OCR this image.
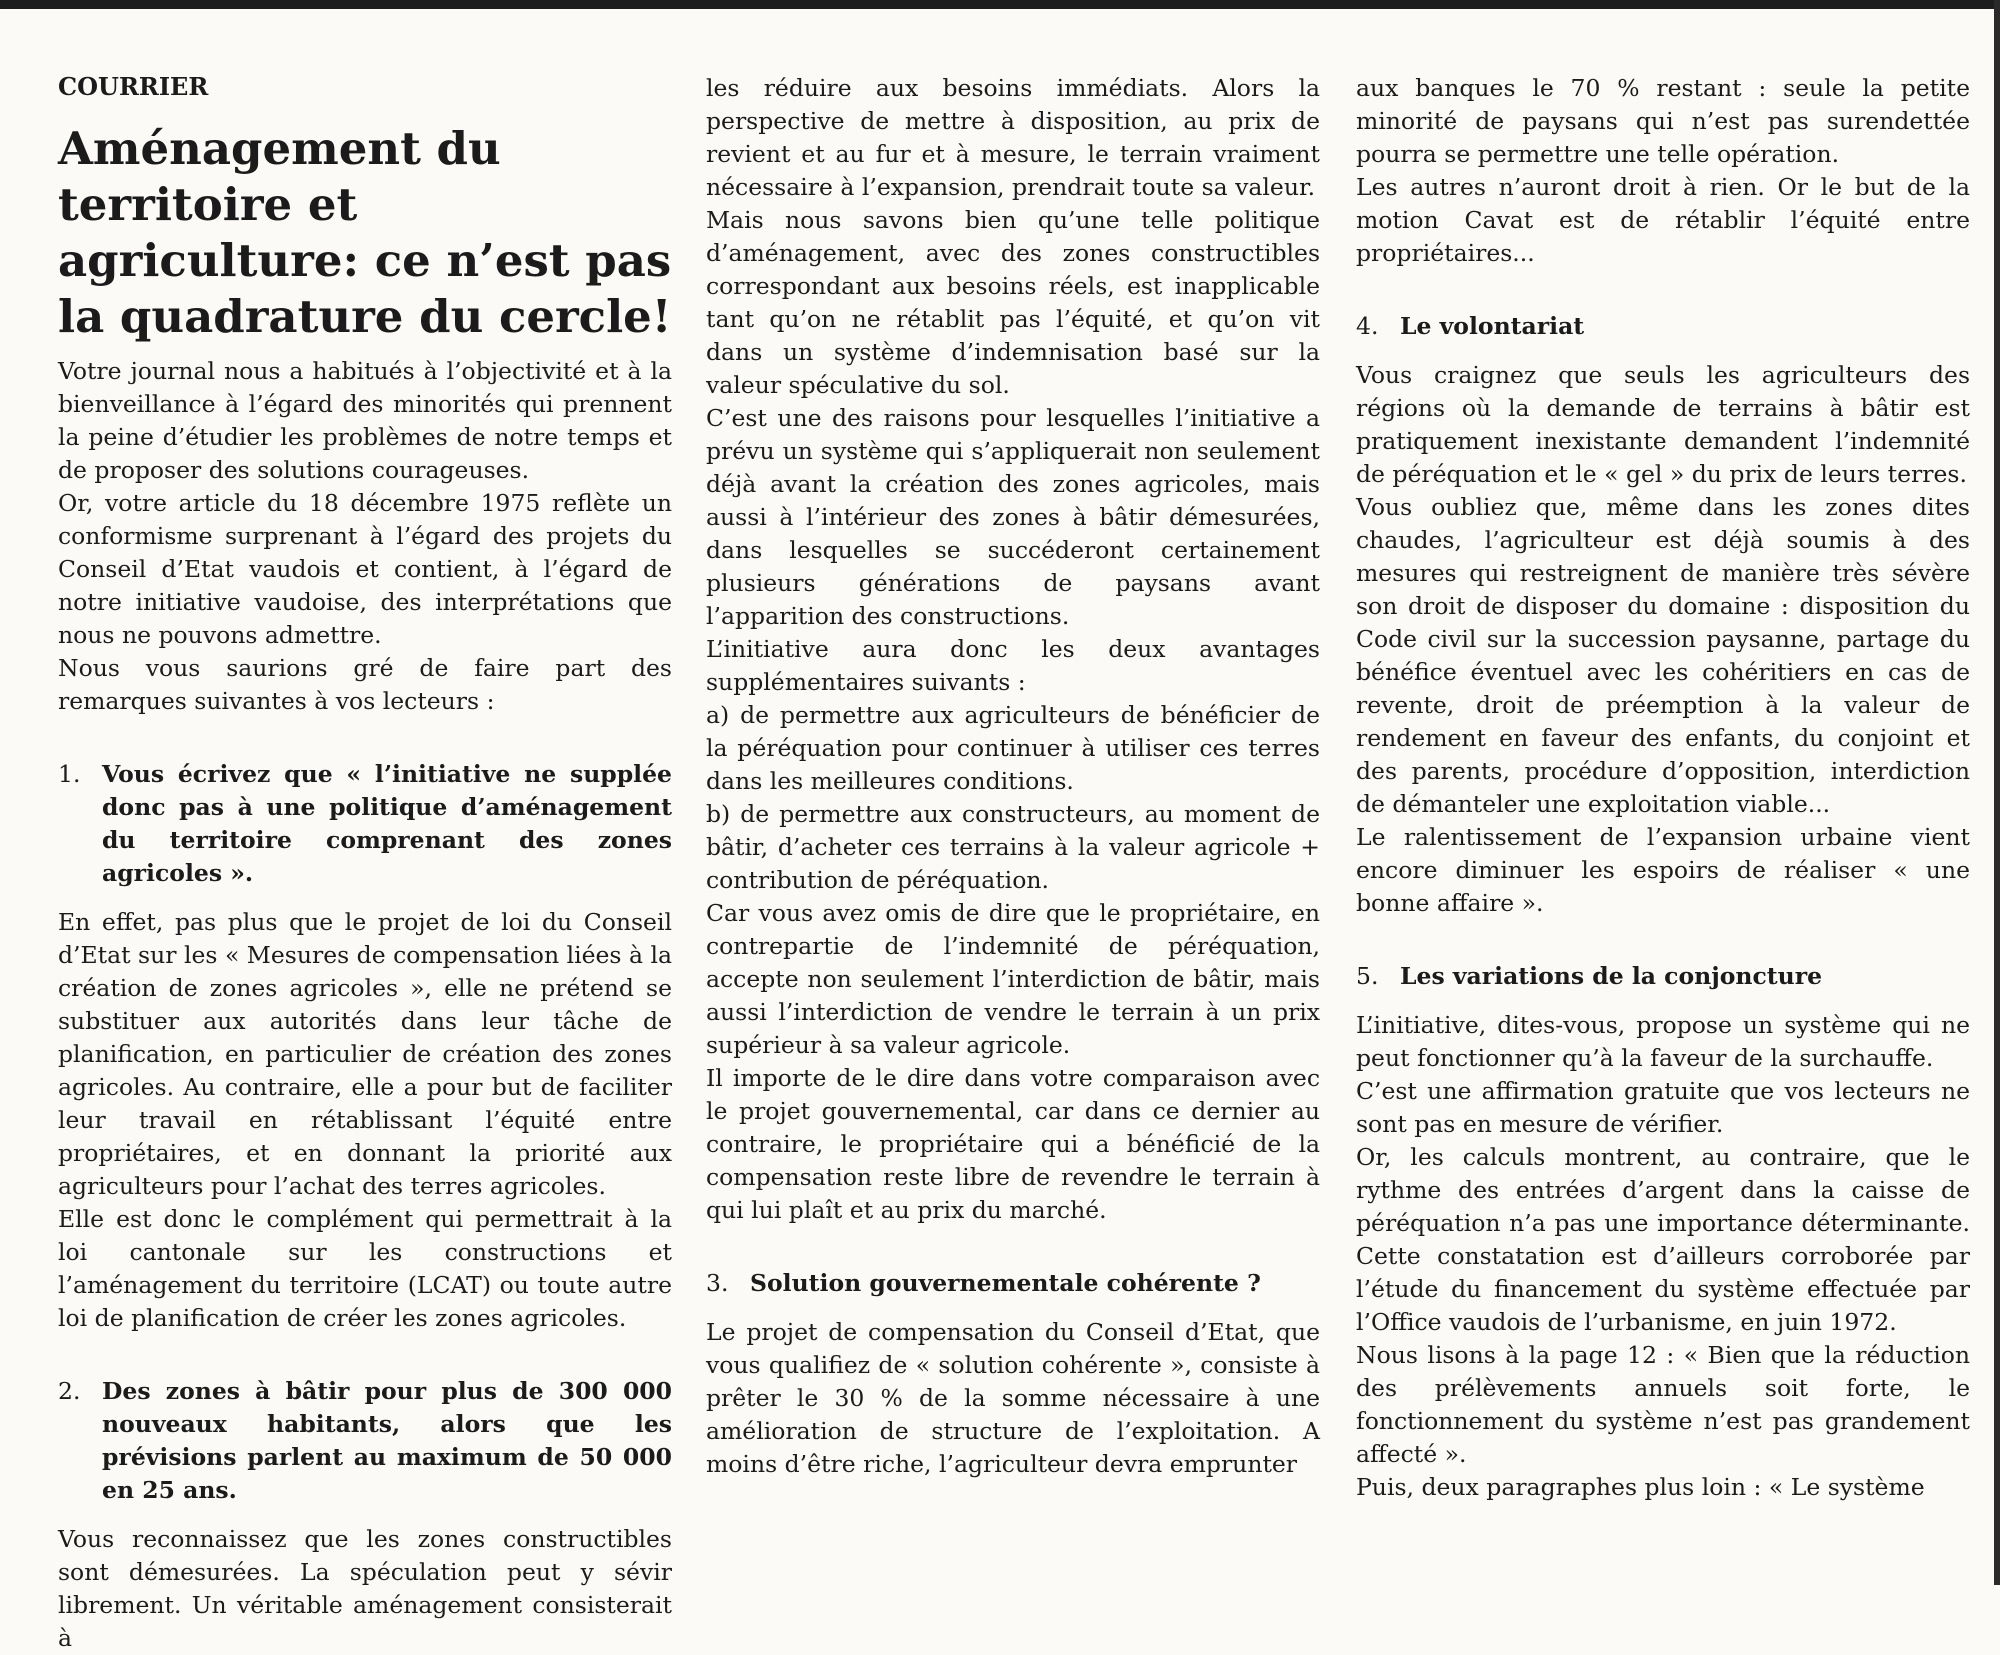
COURRIER
Aménagement du territoire et agriculture: ce n’est pas la quadrature du cercle!

Votre journal nous a habitués à l’objectivité et à la bienveillance à l’égard des minorités qui prennent la peine d’étudier les problèmes de notre temps et de proposer des solutions courageuses.

Or, votre article du 18 décembre 1975 reflète un conformisme surprenant à l’égard des projets du Conseil d’Etat vaudois et contient, à l’égard de notre initiative vaudoise, des interprétations que nous ne pouvons admettre.

Nous vous saurions gré de faire part des remarques suivantes à vos lecteurs :

1. Vous écrivez que « l’initiative ne supplée donc pas à une politique d’aménagement du territoire comprenant des zones agricoles ».

En effet, pas plus que le projet de loi du Conseil d’Etat sur les « Mesures de compensation liées à la création de zones agricoles », elle ne prétend se substituer aux autorités dans leur tâche de planification, en particulier de création des zones agricoles. Au contraire, elle a pour but de faciliter leur travail en rétablissant l’équité entre propriétaires, et en donnant la priorité aux agriculteurs pour l’achat des terres agricoles.

Elle est donc le complément qui permettrait à la loi cantonale sur les constructions et l’aménagement du territoire (LCAT) ou toute autre loi de planification de créer les zones agricoles.

2. Des zones à bâtir pour plus de 300 000 nouveaux habitants, alors que les prévisions parlent au maximum de 50 000 en 25 ans.

Vous reconnaissez que les zones constructibles sont démesurées. La spéculation peut y sévir librement. Un véritable aménagement consisterait à

les réduire aux besoins immédiats. Alors la perspective de mettre à disposition, au prix de revient et au fur et à mesure, le terrain vraiment nécessaire à l’expansion, prendrait toute sa valeur.

Mais nous savons bien qu’une telle politique d’aménagement, avec des zones constructibles correspondant aux besoins réels, est inapplicable tant qu’on ne rétablit pas l’équité, et qu’on vit dans un système d’indemnisation basé sur la valeur spéculative du sol.

C’est une des raisons pour lesquelles l’initiative a prévu un système qui s’appliquerait non seulement déjà avant la création des zones agricoles, mais aussi à l’intérieur des zones à bâtir démesurées, dans lesquelles se succéderont certainement plusieurs générations de paysans avant l’apparition des constructions.

L’initiative aura donc les deux avantages supplémentaires suivants :

a) de permettre aux agriculteurs de bénéficier de la péréquation pour continuer à utiliser ces terres dans les meilleures conditions.

b) de permettre aux constructeurs, au moment de bâtir, d’acheter ces terrains à la valeur agricole + contribution de péréquation.

Car vous avez omis de dire que le propriétaire, en contrepartie de l’indemnité de péréquation, accepte non seulement l’interdiction de bâtir, mais aussi l’interdiction de vendre le terrain à un prix supérieur à sa valeur agricole.

Il importe de le dire dans votre comparaison avec le projet gouvernemental, car dans ce dernier au contraire, le propriétaire qui a bénéficié de la compensation reste libre de revendre le terrain à qui lui plaît et au prix du marché.

3. Solution gouvernementale cohérente ?

Le projet de compensation du Conseil d’Etat, que vous qualifiez de « solution cohérente », consiste à prêter le 30 % de la somme nécessaire à une amélioration de structure de l’exploitation. A moins d’être riche, l’agriculteur devra emprunter

aux banques le 70 % restant : seule la petite minorité de paysans qui n’est pas surendettée pourra se permettre une telle opération.

Les autres n’auront droit à rien. Or le but de la motion Cavat est de rétablir l’équité entre propriétaires...

4. Le volontariat

Vous craignez que seuls les agriculteurs des régions où la demande de terrains à bâtir est pratiquement inexistante demandent l’indemnité de péréquation et le « gel » du prix de leurs terres.

Vous oubliez que, même dans les zones dites chaudes, l’agriculteur est déjà soumis à des mesures qui restreignent de manière très sévère son droit de disposer du domaine : disposition du Code civil sur la succession paysanne, partage du bénéfice éventuel avec les cohéritiers en cas de revente, droit de préemption à la valeur de rendement en faveur des enfants, du conjoint et des parents, procédure d’opposition, interdiction de démanteler une exploitation viable...

Le ralentissement de l’expansion urbaine vient encore diminuer les espoirs de réaliser « une bonne affaire ».

5. Les variations de la conjoncture

L’initiative, dites-vous, propose un système qui ne peut fonctionner qu’à la faveur de la surchauffe.

C’est une affirmation gratuite que vos lecteurs ne sont pas en mesure de vérifier.

Or, les calculs montrent, au contraire, que le rythme des entrées d’argent dans la caisse de péréquation n’a pas une importance déterminante. Cette constatation est d’ailleurs corroborée par l’étude du financement du système effectuée par l’Office vaudois de l’urbanisme, en juin 1972.

Nous lisons à la page 12 : « Bien que la réduction des prélèvements annuels soit forte, le fonctionnement du système n’est pas grandement affecté ».

Puis, deux paragraphes plus loin : « Le système
